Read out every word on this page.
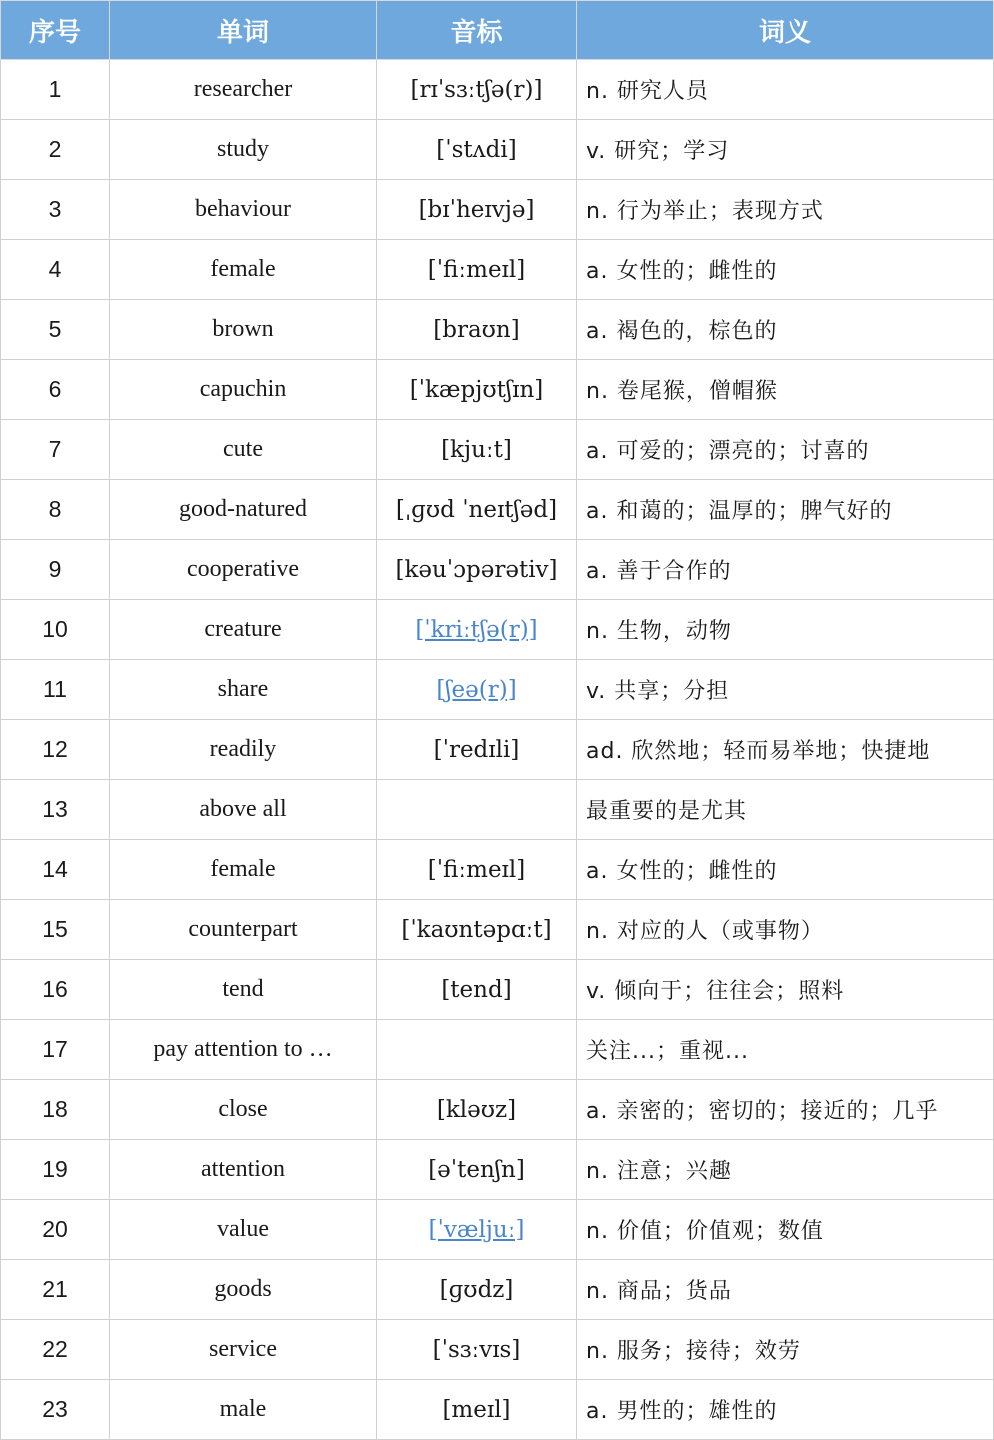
序号	单词	音标	词义
1	researcher	[rɪˈsɜːtʃə(r)]	n. 研究人员
2	study	[ˈstʌdi]	v. 研究；学习
3	behaviour	[bɪˈheɪvjə]	n. 行为举止；表现方式
4	female	[ˈfiːmeɪl]	a. 女性的；雌性的
5	brown	[braʊn]	a. 褐色的，棕色的
6	capuchin	[ˈkæpjʊtʃɪn]	n. 卷尾猴，僧帽猴
7	cute	[kjuːt]	a. 可爱的；漂亮的；讨喜的
8	good-natured	[ˌɡʊd ˈneɪtʃəd]	a. 和蔼的；温厚的；脾气好的
9	cooperative	[kəuˈɔpərətiv]	a. 善于合作的
10	creature	[ˈkriːtʃə(r)]	n. 生物，动物
11	share	[ʃeə(r)]	v. 共享；分担
12	readily	[ˈredɪli]	ad. 欣然地；轻而易举地；快捷地
13	above all		最重要的是尤其
14	female	[ˈfiːmeɪl]	a. 女性的；雌性的
15	counterpart	[ˈkaʊntəpɑːt]	n. 对应的人（或事物）
16	tend	[tend]	v. 倾向于；往往会；照料
17	pay attention to …		关注...；重视...
18	close	[kləʊz]	a. 亲密的；密切的；接近的；几乎
19	attention	[əˈtenʃn]	n. 注意；兴趣
20	value	[ˈvæljuː]	n. 价值；价值观；数值
21	goods	[ɡʊdz]	n. 商品；货品
22	service	[ˈsɜːvɪs]	n. 服务；接待；效劳
23	male	[meɪl]	a. 男性的；雄性的
